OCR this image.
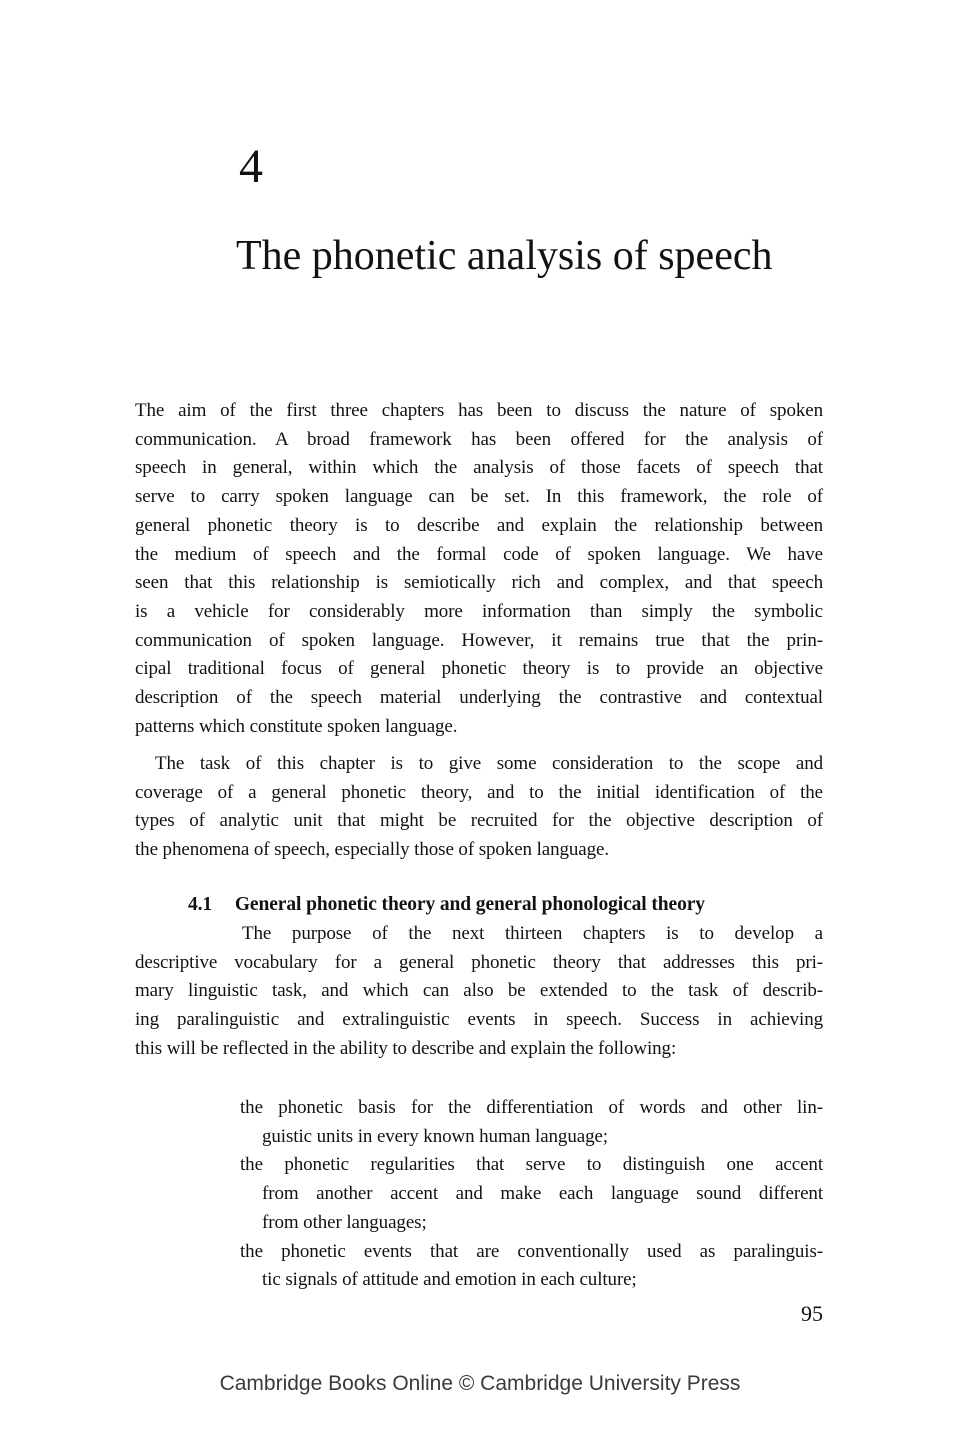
4
The phonetic analysis of speech
The aim of the first three chapters has been to discuss the nature of spoken
communication. A broad framework has been offered for the analysis of
speech in general, within which the analysis of those facets of speech that
serve to carry spoken language can be set. In this framework, the role of
general phonetic theory is to describe and explain the relationship between
the medium of speech and the formal code of spoken language. We have
seen that this relationship is semiotically rich and complex, and that speech
is a vehicle for considerably more information than simply the symbolic
communication of spoken language. However, it remains true that the prin-
cipal traditional focus of general phonetic theory is to provide an objective
description of the speech material underlying the contrastive and contextual
patterns which constitute spoken language.
The task of this chapter is to give some consideration to the scope and
coverage of a general phonetic theory, and to the initial identification of the
types of analytic unit that might be recruited for the objective description of
the phenomena of speech, especially those of spoken language.
The purpose of the next thirteen chapters is to develop a
descriptive vocabulary for a general phonetic theory that addresses this pri-
mary linguistic task, and which can also be extended to the task of describ-
ing paralinguistic and extralinguistic events in speech. Success in achieving
this will be reflected in the ability to describe and explain the following:
the phonetic basis for the differentiation of words and other lin-
guistic units in every known human language;
the phonetic regularities that serve to distinguish one accent
from another accent and make each language sound different
from other languages;
the phonetic events that are conventionally used as paralinguis-
tic signals of attitude and emotion in each culture;
4.1 General phonetic theory and general phonological theory
95
Cambridge Books Online © Cambridge University Press
